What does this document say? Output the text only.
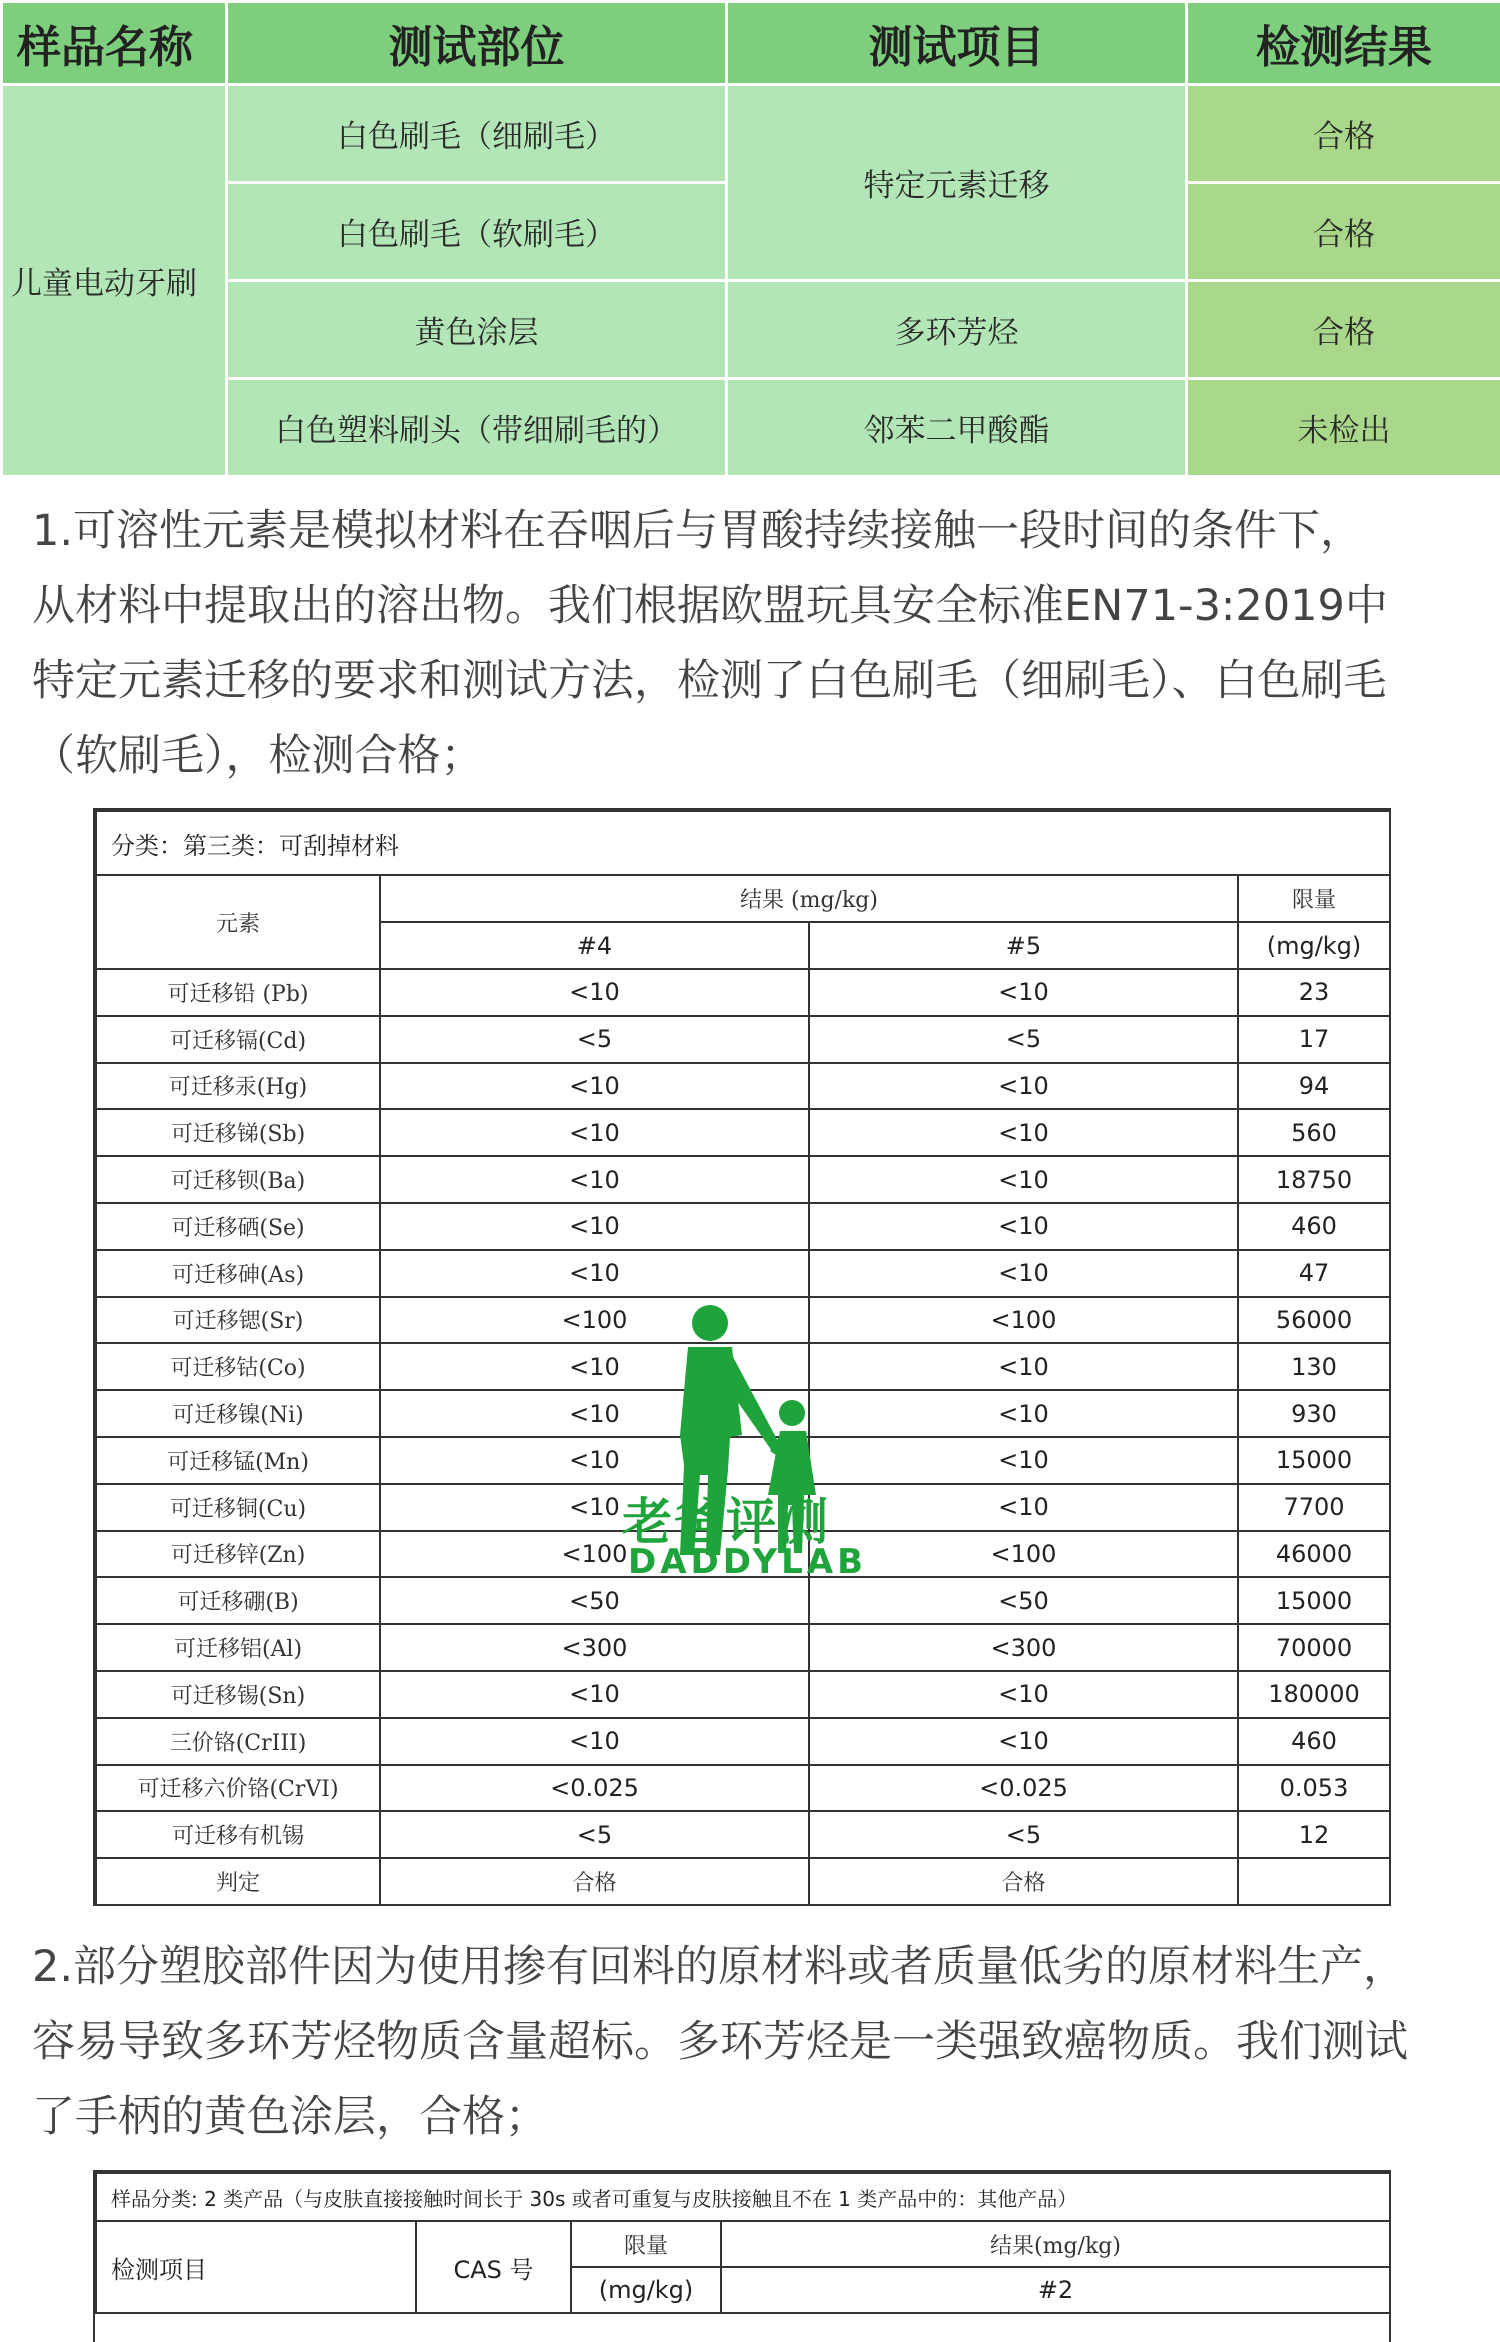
样品名称	测试部位	测试项目	检测结果
儿童电动牙刷	白色刷毛（细刷毛）	特定元素迁移	合格
	白色刷毛（软刷毛）		合格
	黄色涂层	多环芳烃	合格
	白色塑料刷头（带细刷毛的）	邻苯二甲酸酯	未检出
1.可溶性元素是模拟材料在吞咽后与胃酸持续接触一段时间的条件下，
从材料中提取出的溶出物。我们根据欧盟玩具安全标准EN71-3:2019中
特定元素迁移的要求和测试方法，检测了白色刷毛（细刷毛）、白色刷毛
（软刷毛），检测合格；
分类：第三类：可刮掉材料			
元素	结果 (mg/kg)		限量
	#4	#5	(mg/kg)
可迁移铅 (Pb)	<10	<10	23
可迁移镉(Cd)	<5	<5	17
可迁移汞(Hg)	<10	<10	94
可迁移锑(Sb)	<10	<10	560
可迁移钡(Ba)	<10	<10	18750
可迁移硒(Se)	<10	<10	460
可迁移砷(As)	<10	<10	47
可迁移锶(Sr)	<100	<100	56000
可迁移钴(Co)	<10	<10	130
可迁移镍(Ni)	<10	<10	930
可迁移锰(Mn)	<10	<10	15000
可迁移铜(Cu)	<10	<10	7700
可迁移锌(Zn)	<100	<100	46000
可迁移硼(B)	<50	<50	15000
可迁移铝(Al)	<300	<300	70000
可迁移锡(Sn)	<10	<10	180000
三价铬(CrIII)	<10	<10	460
可迁移六价铬(CrVI)	<0.025	<0.025	0.053
可迁移有机锡	<5	<5	12
判定	合格	合格	
老爸评测
DADDYLAB
2.部分塑胶部件因为使用掺有回料的原材料或者质量低劣的原材料生产，
容易导致多环芳烃物质含量超标。多环芳烃是一类强致癌物质。我们测试
了手柄的黄色涂层，合格；
样品分类: 2 类产品（与皮肤直接接触时间长于 30s 或者可重复与皮肤接触且不在 1 类产品中的：其他产品）			
检测项目	CAS 号	限量	结果(mg/kg)
		(mg/kg)	#2
